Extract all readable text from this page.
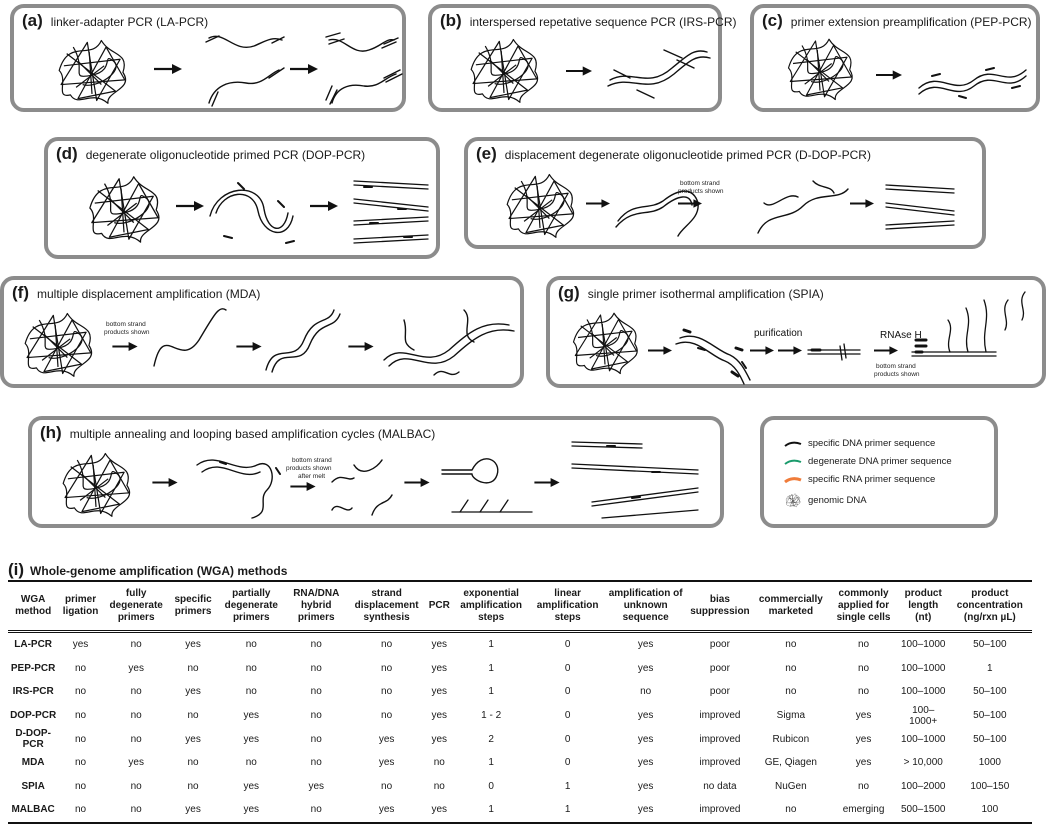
(a) linker-adapter PCR (LA-PCR)	(b) interspersed repetative sequence PCR (IRS-PCR) (c) primer extension preamplification (PEP-PCR)
(d) degenerate oligonucleotide primed PCR (DOP-PCR)	(e) displacement degenerate oligonucleotide primed PCR (D-DOP-PCR)
bottom strand
products shown
(f) multiple displacement amplification (MDA)
bottom strand
products shown
(g) single primer isothermal amplification (SPIA)
purification	RNAse H
bottom strand
products shown
(h) multiple annealing and looping based amplification cycles (MALBAC)
bottom strand
products shown
after melt
specific DNA primer sequence
degenerate DNA primer sequence
specific RNA primer sequence
genomic DNA
(i) Whole-genome amplification (WGA) methods
WGA method	primer ligation	fully degenerate primers	specific primers	partially degenerate primers	RNA/DNA hybrid primers	strand displacement synthesis	PCR	exponential amplification steps	linear amplification steps	amplification of unknown sequence	bias suppression	commercially marketed	commonly applied for single cells	product length (nt)	product concentration (ng/rxn µL)
LA-PCR	yes	no	yes	no	no	no	yes	1	0	yes	poor	no	no	100–1000	50–100
PEP-PCR	no	yes	no	no	no	no	yes	1	0	yes	poor	no	no	100–1000	1
IRS-PCR	no	no	yes	no	no	no	yes	1	0	no	poor	no	no	100–1000	50–100
DOP-PCR	no	no	no	yes	no	no	yes	1 - 2	0	yes	improved	Sigma	yes	100–1000+	50–100
D-DOP-PCR	no	no	yes	yes	no	yes	yes	2	0	yes	improved	Rubicon	yes	100–1000	50–100
MDA	no	yes	no	no	no	yes	no	1	0	yes	improved	GE, Qiagen	yes	> 10,000	1000
SPIA	no	no	no	yes	yes	no	no	0	1	yes	no data	NuGen	no	100–2000	100–150
MALBAC	no	no	yes	yes	no	yes	yes	1	1	yes	improved	no	emerging	500–1500	100
